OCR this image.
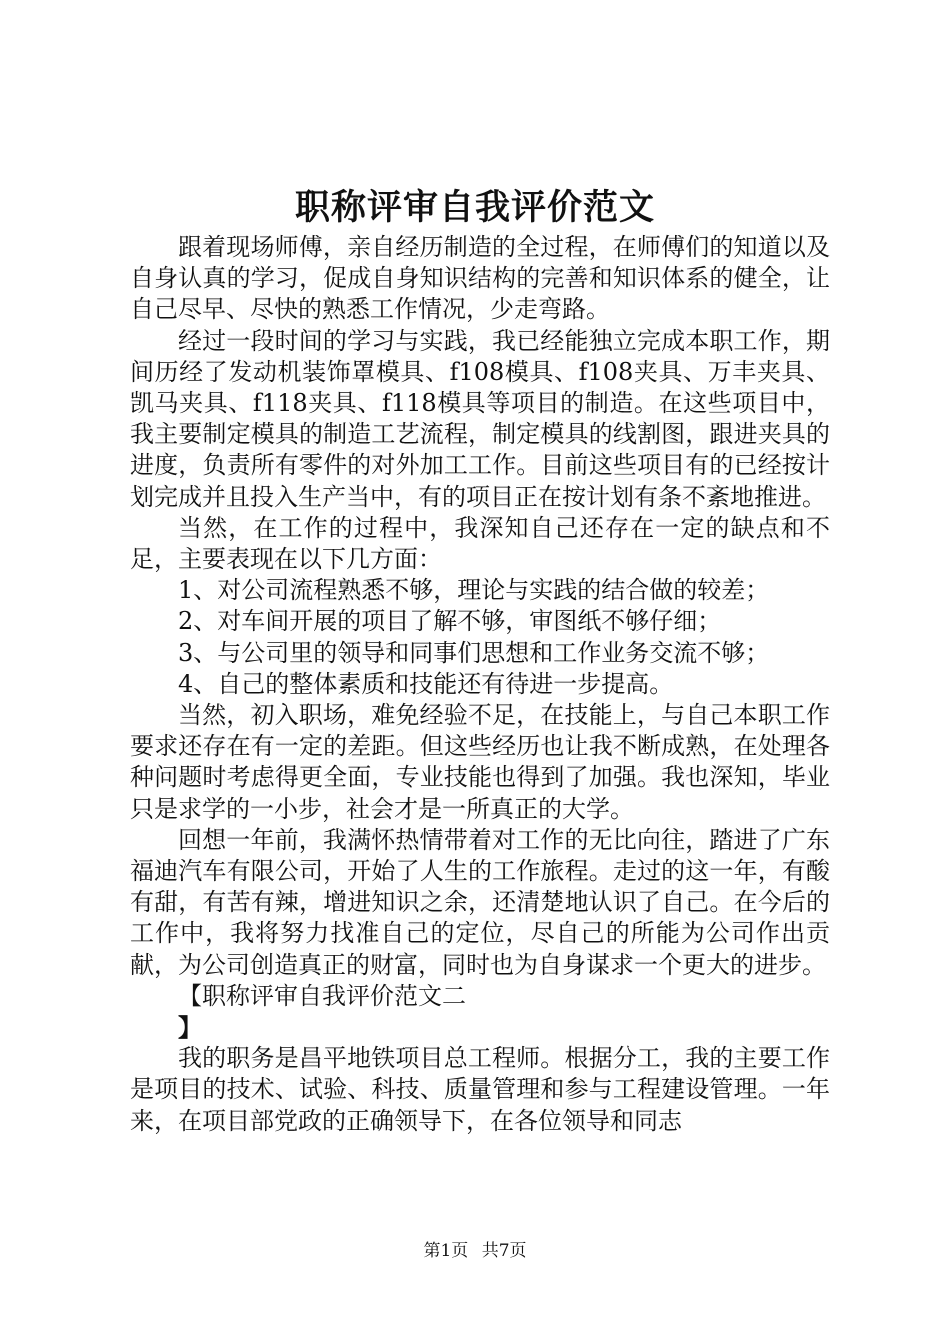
职称评审自我评价范文

跟着现场师傅，亲自经历制造的全过程，在师傅们的知道以及自身认真的学习，促成自身知识结构的完善和知识体系的健全，让自己尽早、尽快的熟悉工作情况，少走弯路。

经过一段时间的学习与实践，我已经能独立完成本职工作，期间历经了发动机装饰罩模具、f108模具、f108夹具、万丰夹具、凯马夹具、f118夹具、f118模具等项目的制造。在这些项目中，我主要制定模具的制造工艺流程，制定模具的线割图，跟进夹具的进度，负责所有零件的对外加工工作。目前这些项目有的已经按计划完成并且投入生产当中，有的项目正在按计划有条不紊地推进。

当然，在工作的过程中，我深知自己还存在一定的缺点和不足，主要表现在以下几方面：

1、对公司流程熟悉不够，理论与实践的结合做的较差；

2、对车间开展的项目了解不够，审图纸不够仔细；

3、与公司里的领导和同事们思想和工作业务交流不够；

4、自己的整体素质和技能还有待进一步提高。

当然，初入职场，难免经验不足，在技能上，与自己本职工作要求还存在有一定的差距。但这些经历也让我不断成熟，在处理各种问题时考虑得更全面，专业技能也得到了加强。我也深知，毕业只是求学的一小步，社会才是一所真正的大学。

回想一年前，我满怀热情带着对工作的无比向往，踏进了广东福迪汽车有限公司，开始了人生的工作旅程。走过的这一年，有酸有甜，有苦有辣，增进知识之余，还清楚地认识了自己。在今后的工作中，我将努力找准自己的定位，尽自己的所能为公司作出贡献，为公司创造真正的财富，同时也为自身谋求一个更大的进步。

【职称评审自我评价范文二

】

我的职务是昌平地铁项目总工程师。根据分工，我的主要工作是项目的技术、试验、科技、质量管理和参与工程建设管理。一年来，在项目部党政的正确领导下，在各位领导和同志

第1页 共7页
